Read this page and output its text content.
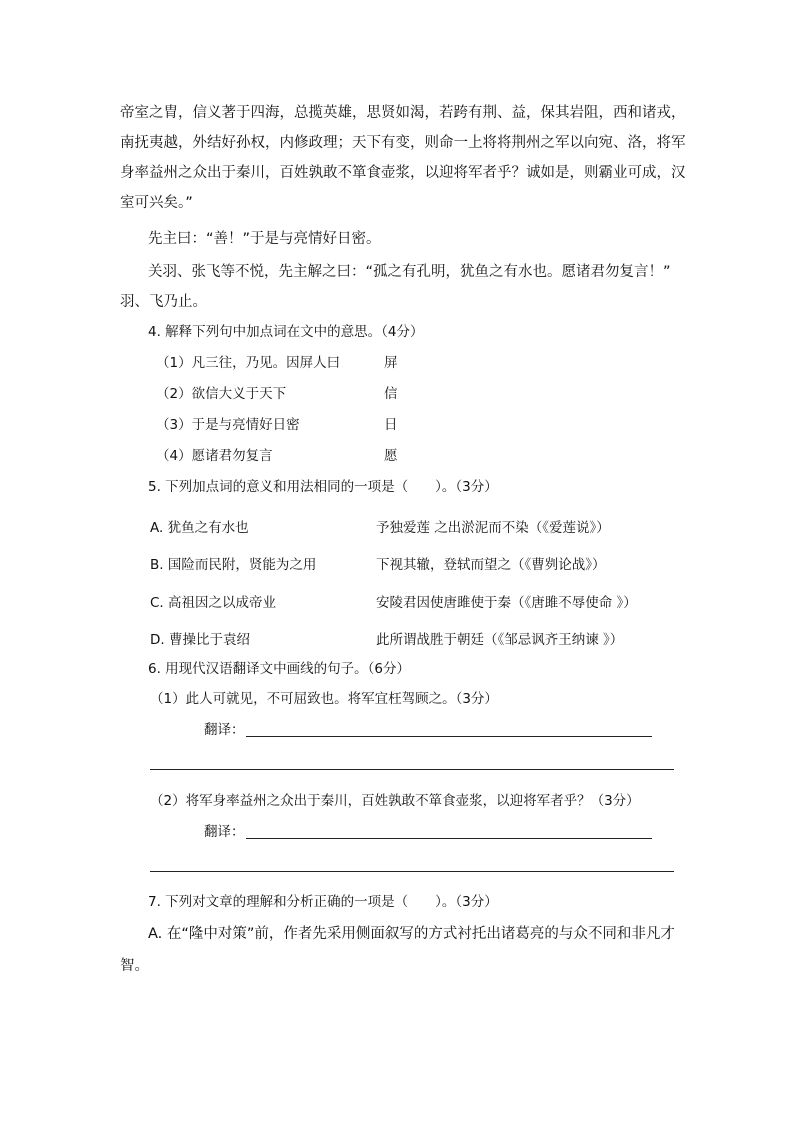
帝室之胄，信义著于四海，总揽英雄，思贤如渴，若跨有荆、益，保其岩阻，西和诸戎，
南抚夷越，外结好孙权，内修政理；天下有变，则命一上将将荆州之军以向宛、洛，将军
身率益州之众出于秦川，百姓孰敢不箪食壶浆，以迎将军者乎？诚如是，则霸业可成，汉
室可兴矣。”
先主曰：“善！”于是与亮情好日密。
关羽、张飞等不悦，先主解之曰：“孤之有孔明，犹鱼之有水也。愿诸君勿复言！”
羽、飞乃止。
4. 解释下列句中加点词在文中的意思。（4分）
（1）凡三往，乃见。因屏人曰	屏
（2）欲信大义于天下	信
（3）于是与亮情好日密	日
（4）愿诸君勿复言	愿
5. 下列加点词的意义和用法相同的一项是（　　）。（3分）
A. 犹鱼之有水也	予独爱莲 之出淤泥而不染（《爱莲说》）
B. 国险而民附，贤能为之用	下视其辙，登轼而望之（《曹刿论战》）
C. 高祖因之以成帝业	安陵君因使唐雎使于秦（《唐雎不辱使命 》）
D. 曹操比于袁绍	此所谓战胜于朝廷（《邹忌讽齐王纳谏 》）
6. 用现代汉语翻译文中画线的句子。（6分）
（1）此人可就见，不可屈致也。将军宜枉驾顾之。（3分）
翻译：
（2）将军身率益州之众出于秦川，百姓孰敢不箪食壶浆，以迎将军者乎？（3分）
翻译：
7. 下列对文章的理解和分析正确的一项是（　　）。（3分）
A. 在“隆中对策”前，作者先采用侧面叙写的方式衬托出诸葛亮的与众不同和非凡才
智。
